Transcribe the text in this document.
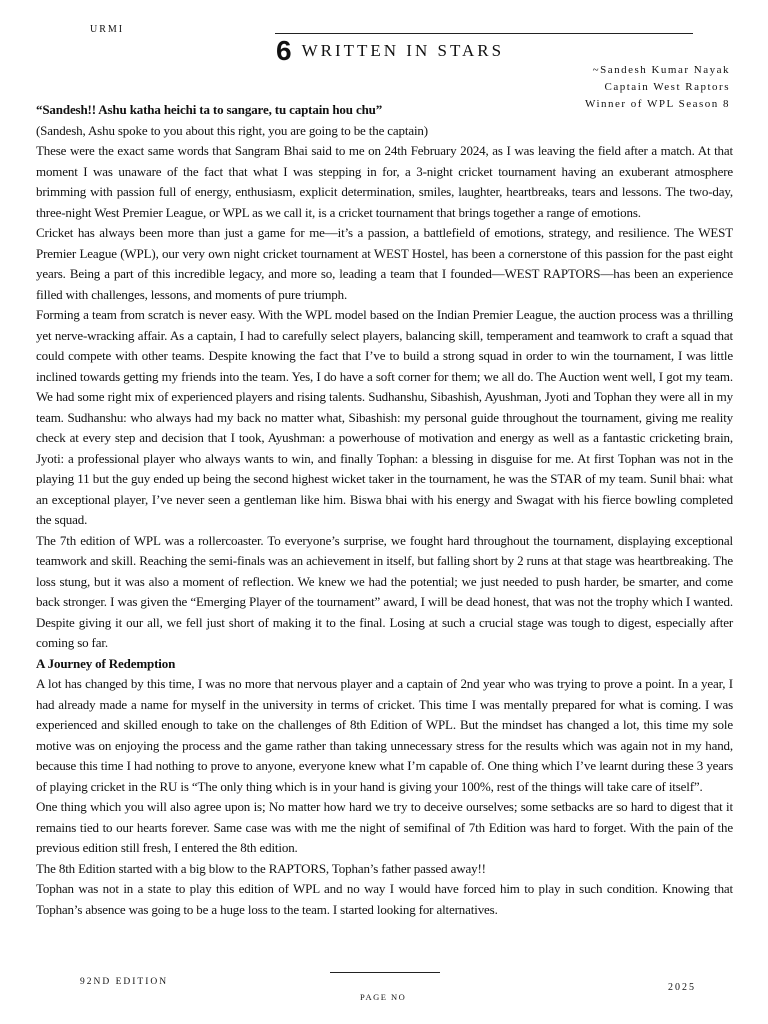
URMI
6 WRITTEN IN STARS
~Sandesh Kumar Nayak
Captain West Raptors
Winner of WPL Season 8

“Sandesh!! Ashu katha heichi ta to sangare, tu captain hou chu”

(Sandesh, Ashu spoke to you about this right, you are going to be the captain)

These were the exact same words that Sangram Bhai said to me on 24th February 2024, as I was leaving the field after a match. At that moment I was unaware of the fact that what I was stepping in for, a 3-night cricket tournament having an exuberant atmosphere brimming with passion full of energy, enthusiasm, explicit determination, smiles, laughter, heartbreaks, tears and lessons. The two-day, three-night West Premier League, or WPL as we call it, is a cricket tournament that brings together a range of emotions.

Cricket has always been more than just a game for me—it’s a passion, a battlefield of emotions, strategy, and resilience. The WEST Premier League (WPL), our very own night cricket tournament at WEST Hostel, has been a cornerstone of this passion for the past eight years. Being a part of this incredible legacy, and more so, leading a team that I founded—WEST RAPTORS—has been an experience filled with challenges, lessons, and moments of pure triumph.

Forming a team from scratch is never easy. With the WPL model based on the Indian Premier League, the auction process was a thrilling yet nerve-wracking affair. As a captain, I had to carefully select players, balancing skill, temperament and teamwork to craft a squad that could compete with other teams. Despite knowing the fact that I’ve to build a strong squad in order to win the tournament, I was little inclined towards getting my friends into the team. Yes, I do have a soft corner for them; we all do. The Auction went well, I got my team. We had some right mix of experienced players and rising talents. Sudhanshu, Sibashish, Ayushman, Jyoti and Tophan they were all in my team. Sudhanshu: who always had my back no matter what, Sibashish: my personal guide throughout the tournament, giving me reality check at every step and decision that I took, Ayushman: a powerhouse of motivation and energy as well as a fantastic cricketing brain, Jyoti: a professional player who always wants to win, and finally Tophan: a blessing in disguise for me. At first Tophan was not in the playing 11 but the guy ended up being the second highest wicket taker in the tournament, he was the STAR of my team. Sunil bhai: what an exceptional player, I’ve never seen a gentleman like him. Biswa bhai with his energy and Swagat with his fierce bowling completed the squad.

The 7th edition of WPL was a rollercoaster. To everyone’s surprise, we fought hard throughout the tournament, displaying exceptional teamwork and skill. Reaching the semi-finals was an achievement in itself, but falling short by 2 runs at that stage was heartbreaking. The loss stung, but it was also a moment of reflection. We knew we had the potential; we just needed to push harder, be smarter, and come back stronger. I was given the “Emerging Player of the tournament” award, I will be dead honest, that was not the trophy which I wanted. Despite giving it our all, we fell just short of making it to the final. Losing at such a crucial stage was tough to digest, especially after coming so far.

A Journey of Redemption

A lot has changed by this time, I was no more that nervous player and a captain of 2nd year who was trying to prove a point. In a year, I had already made a name for myself in the university in terms of cricket. This time I was mentally prepared for what is coming. I was experienced and skilled enough to take on the challenges of 8th Edition of WPL. But the mindset has changed a lot, this time my sole motive was on enjoying the process and the game rather than taking unnecessary stress for the results which was again not in my hand, because this time I had nothing to prove to anyone, everyone knew what I’m capable of. One thing which I’ve learnt during these 3 years of playing cricket in the RU is “The only thing which is in your hand is giving your 100%, rest of the things will take care of itself”.

One thing which you will also agree upon is; No matter how hard we try to deceive ourselves; some setbacks are so hard to digest that it remains tied to our hearts forever. Same case was with me the night of semifinal of 7th Edition was hard to forget. With the pain of the previous edition still fresh, I entered the 8th edition.

The 8th Edition started with a big blow to the RAPTORS, Tophan’s father passed away!!

Tophan was not in a state to play this edition of WPL and no way I would have forced him to play in such condition. Knowing that Tophan’s absence was going to be a huge loss to the team. I started looking for alternatives.

92ND EDITION
PAGE NO
2025
